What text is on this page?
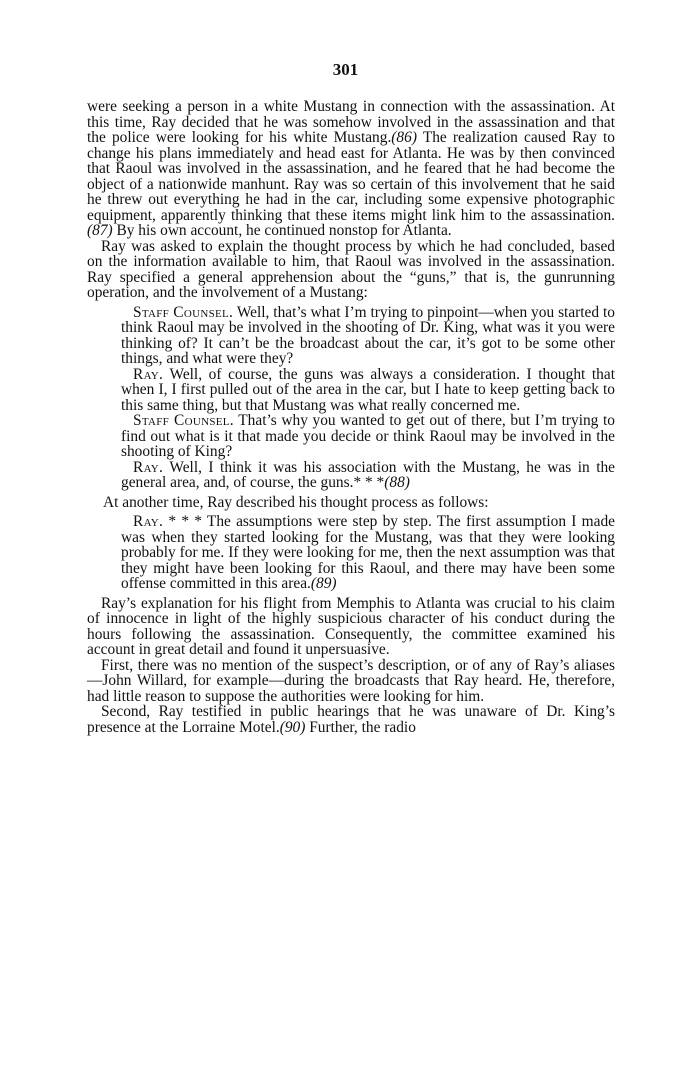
301

were seeking a person in a white Mustang in connection with the assassination. At this time, Ray decided that he was somehow involved in the assassination and that the police were looking for his white Mustang.(86) The realization caused Ray to change his plans immediately and head east for Atlanta. He was by then convinced that Raoul was involved in the assassination, and he feared that he had become the object of a nationwide manhunt. Ray was so certain of this involvement that he said he threw out everything he had in the car, including some expensive photographic equipment, apparently thinking that these items might link him to the assassination.(87) By his own account, he continued nonstop for Atlanta.

Ray was asked to explain the thought process by which he had concluded, based on the information available to him, that Raoul was involved in the assassination. Ray specified a general apprehension about the “guns,” that is, the gunrunning operation, and the involvement of a Mustang:

Staff Counsel. Well, that’s what I’m trying to pinpoint—when you started to think Raoul may be involved in the shooting of Dr. King, what was it you were thinking of? It can’t be the broadcast about the car, it’s got to be some other things, and what were they?

Ray. Well, of course, the guns was always a consideration. I thought that when I, I first pulled out of the area in the car, but I hate to keep getting back to this same thing, but that Mustang was what really concerned me.

Staff Counsel. That’s why you wanted to get out of there, but I’m trying to find out what is it that made you decide or think Raoul may be involved in the shooting of King?

Ray. Well, I think it was his association with the Mustang, he was in the general area, and, of course, the guns.* * *(88)

At another time, Ray described his thought process as follows:

Ray. * * * The assumptions were step by step. The first assumption I made was when they started looking for the Mustang, was that they were looking probably for me. If they were looking for me, then the next assumption was that they might have been looking for this Raoul, and there may have been some offense committed in this area.(89)

Ray’s explanation for his flight from Memphis to Atlanta was crucial to his claim of innocence in light of the highly suspicious character of his conduct during the hours following the assassination. Consequently, the committee examined his account in great detail and found it unpersuasive.

First, there was no mention of the suspect’s description, or of any of Ray’s aliases—John Willard, for example—during the broadcasts that Ray heard. He, therefore, had little reason to suppose the authorities were looking for him.

Second, Ray testified in public hearings that he was unaware of Dr. King’s presence at the Lorraine Motel.(90) Further, the radio
